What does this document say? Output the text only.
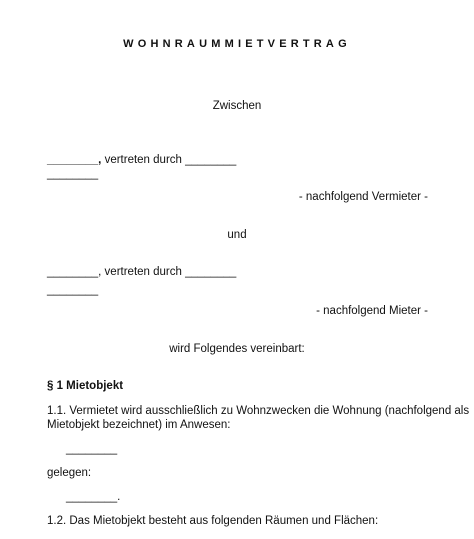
WOHNRAUMMIETVERTRAG
Zwischen
________, vertreten durch ________
________
- nachfolgend Vermieter -
und
________, vertreten durch ________
________
- nachfolgend Mieter -
wird Folgendes vereinbart:
§ 1 Mietobjekt
1.1. Vermietet wird ausschließlich zu Wohnzwecken die Wohnung (nachfolgend als
Mietobjekt bezeichnet) im Anwesen:
________
gelegen:
________.
1.2. Das Mietobjekt besteht aus folgenden Räumen und Flächen:
